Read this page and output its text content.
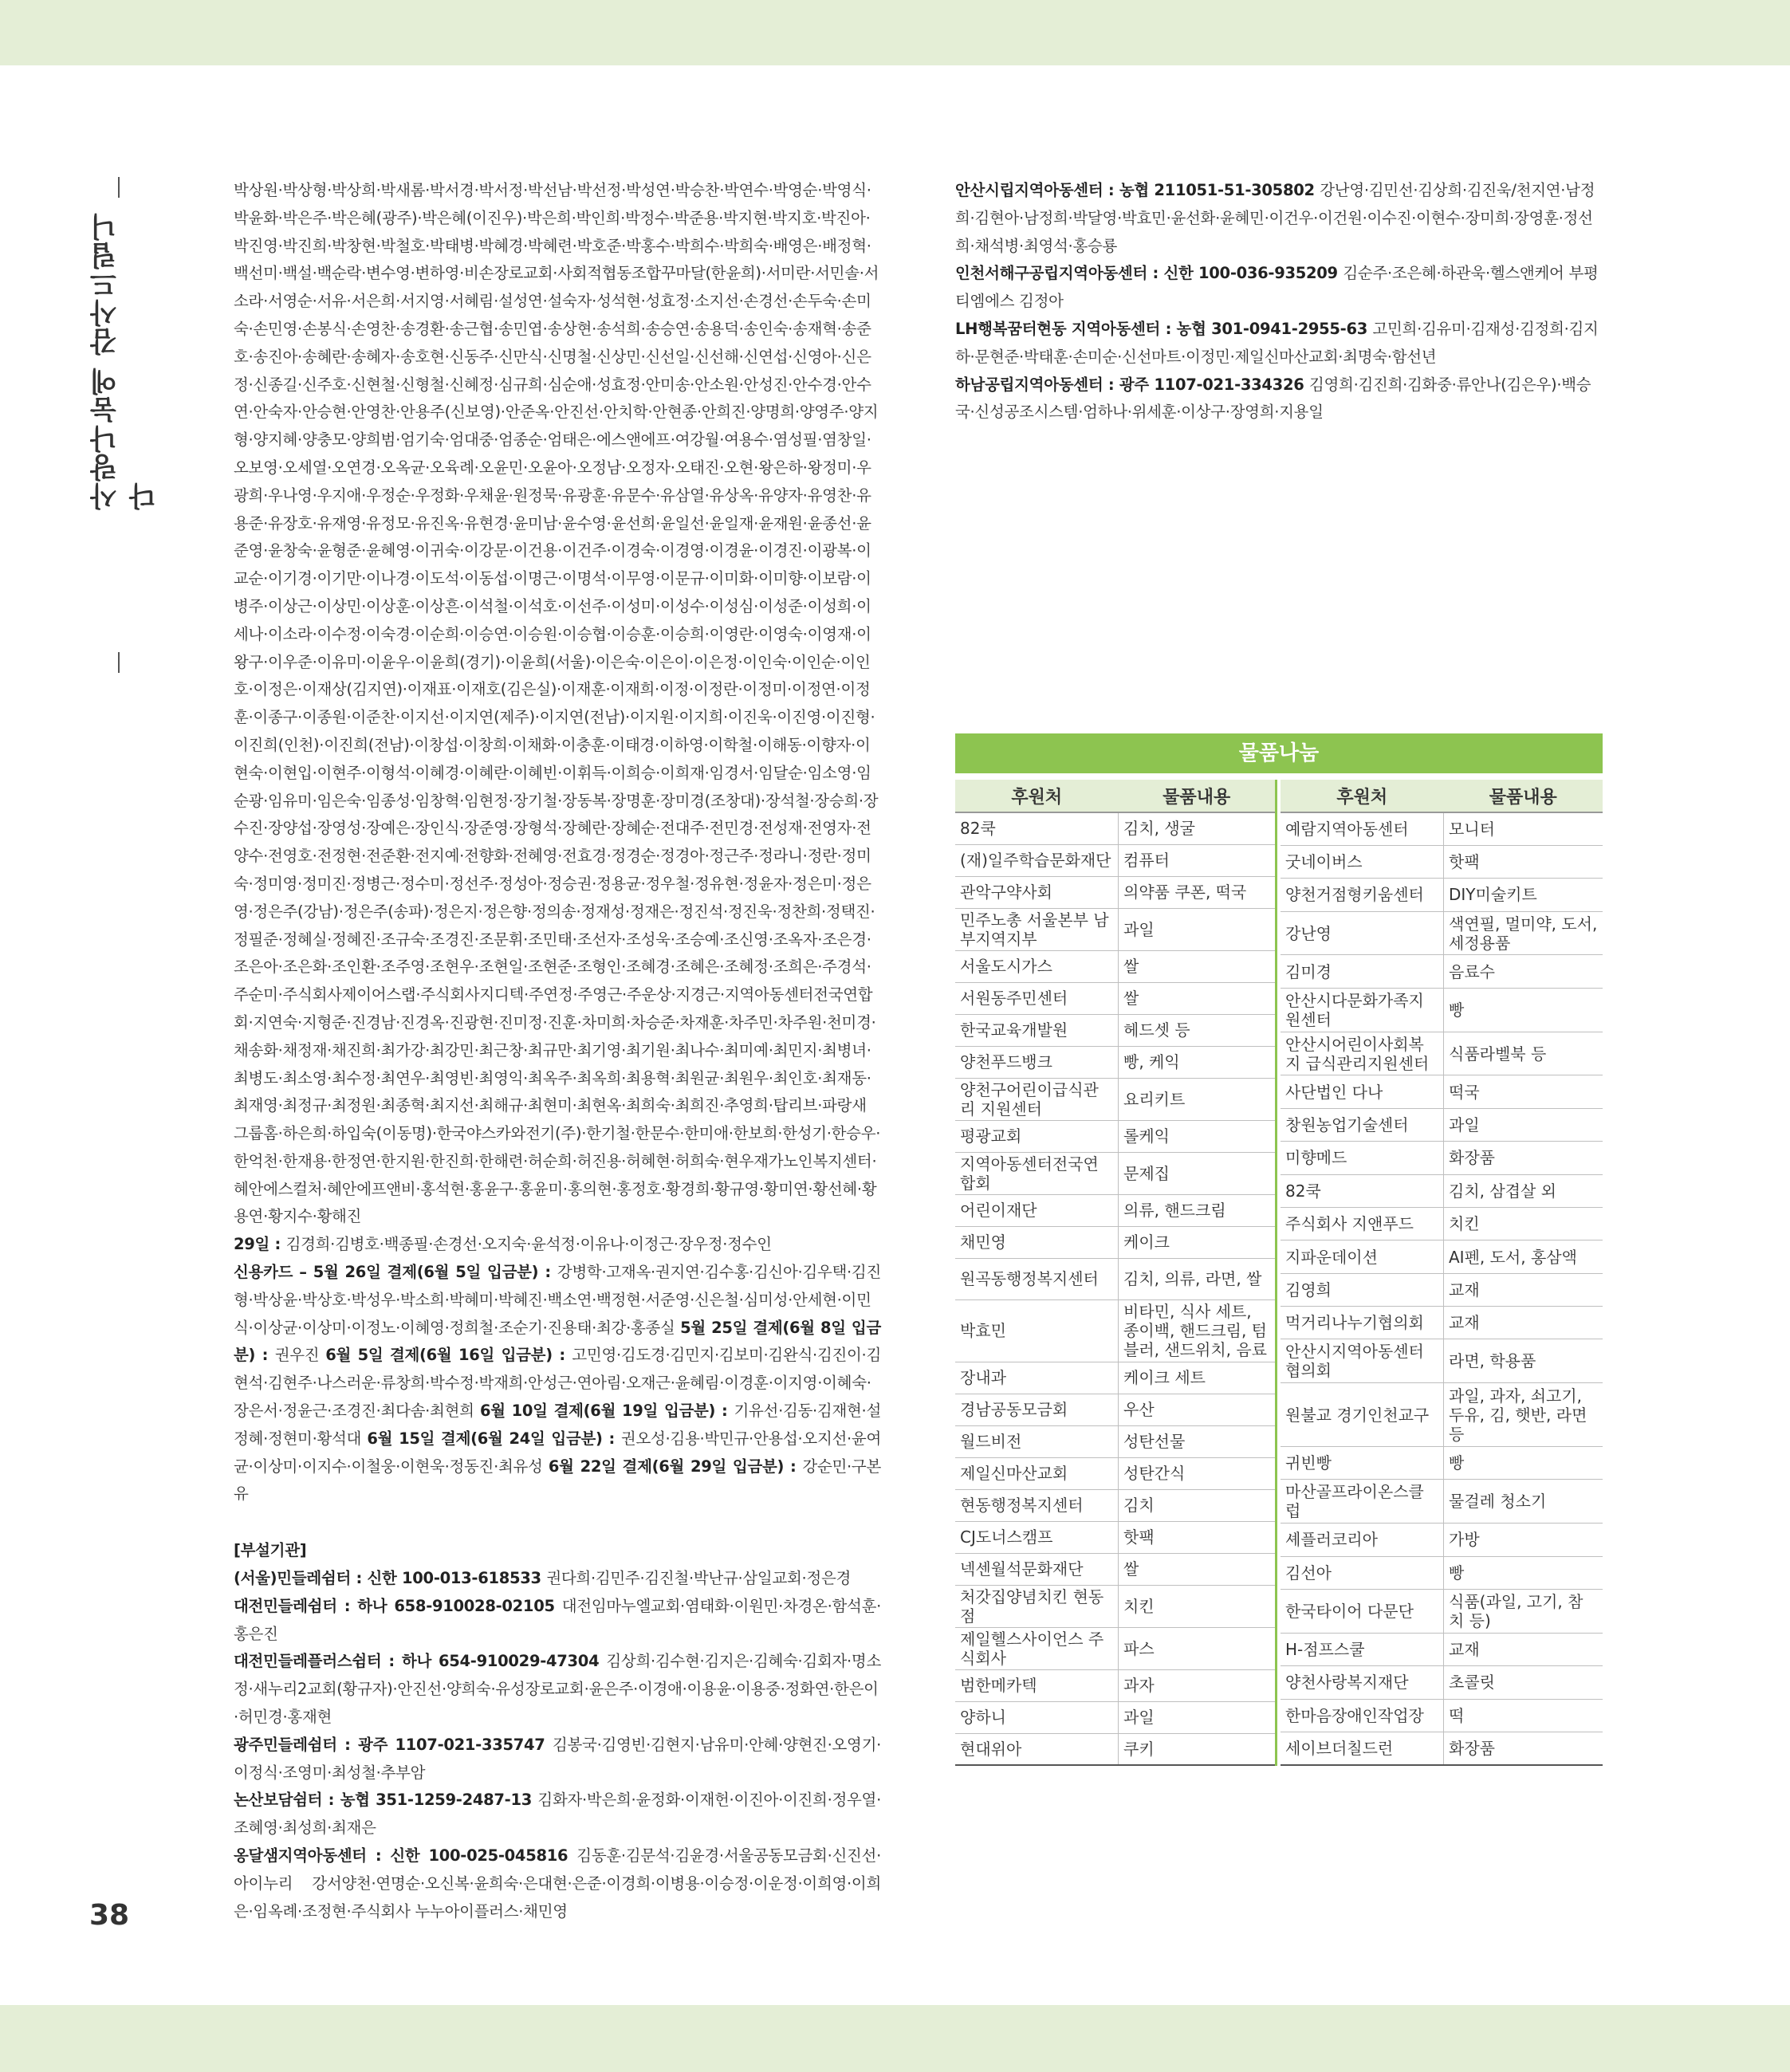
사랑나눔에 감사드립니다
38

박상원·박상형·박상희·박새롬·박서경·박서정·박선남·박선정·박성연·박승찬·박연수·박영순·박영식·박윤화·박은주·박은혜(광주)·박은혜(이진우)·박은희·박인희·박정수·박준용·박지현·박지호·박진아·박진영·박진희·박창현·박철호·박태병·박혜경·박혜련·박호준·박홍수·박희수·박희숙·배영은·배정혁·백선미·백설·백순락·변수영·변하영·비손장로교회·사회적협동조합꾸마달(한윤희)·서미란·서민솔·서소라·서영순·서유·서은희·서지영·서혜림·설성연·설숙자·성석현·성효정·소지선·손경선·손두숙·손미숙·손민영·손봉식·손영찬·송경환·송근협·송민엽·송상현·송석희·송승연·송용덕·송인숙·송재혁·송준호·송진아·송혜란·송혜자·송호현·신동주·신만식·신명철·신상민·신선일·신선해·신연섭·신영아·신은정·신종길·신주호·신현철·신형철·신혜정·심규희·심순애·성효정·안미송·안소원·안성진·안수경·안수연·안숙자·안승현·안영찬·안용주(신보영)·안준옥·안진선·안치학·안현종·안희진·양명희·양영주·양지형·양지혜·양충모·양희범·엄기숙·엄대중·엄종순·엄태은·에스앤에프·여강월·여용수·염성필·염창일·오보영·오세열·오연경·오옥균·오육례·오윤민·오윤아·오정남·오정자·오태진·오현·왕은하·왕정미·우광희·우나영·우지애·우정순·우정화·우채윤·원정묵·유광훈·유문수·유삼열·유상옥·유양자·유영찬·유용준·유장호·유재영·유정모·유진옥·유현경·윤미남·윤수영·윤선희·윤일선·윤일재·윤재원·윤종선·윤준영·윤창숙·윤형준·윤혜영·이귀숙·이강문·이건용·이건주·이경숙·이경영·이경윤·이경진·이광복·이교순·이기경·이기만·이나경·이도석·이동섭·이명근·이명석·이무영·이문규·이미화·이미향·이보람·이병주·이상근·이상민·이상훈·이상흔·이석철·이석호·이선주·이성미·이성수·이성심·이성준·이성희·이세나·이소라·이수정·이숙경·이순희·이승연·이승원·이승협·이승훈·이승희·이영란·이영숙·이영재·이왕구·이우준·이유미·이윤우·이윤희(경기)·이윤희(서울)·이은숙·이은이·이은정·이인숙·이인순·이인호·이정은·이재상(김지연)·이재표·이재호(김은실)·이재훈·이재희·이정·이정란·이정미·이정연·이정훈·이종구·이종원·이준찬·이지선·이지연(제주)·이지연(전남)·이지원·이지희·이진욱·이진영·이진형·이진희(인천)·이진희(전남)·이창섭·이창희·이채화·이충훈·이태경·이하영·이학철·이해동·이향자·이현숙·이현입·이현주·이형석·이혜경·이혜란·이혜빈·이휘득·이희승·이희재·임경서·임달순·임소영·임순광·임유미·임은숙·임종성·임창혁·임현정·장기철·장동복·장명훈·장미경(조창대)·장석철·장승희·장수진·장양섭·장영성·장예은·장인식·장준영·장형석·장혜란·장혜순·전대주·전민경·전성재·전영자·전양수·전영호·전정현·전준환·전지예·전향화·전혜영·전효경·정경순·정경아·정근주·정라니·정란·정미숙·정미영·정미진·정병근·정수미·정선주·정성아·정승권·정용균·정우철·정유현·정윤자·정은미·정은영·정은주(강남)·정은주(송파)·정은지·정은향·정의송·정재성·정재은·정진석·정진욱·정찬희·정택진·정필준·정혜실·정혜진·조규숙·조경진·조문휘·조민태·조선자·조성욱·조승예·조신영·조옥자·조은경·조은아·조은화·조인환·조주영·조현우·조현일·조현준·조형인·조혜경·조혜은·조혜정·조희은·주경석·주순미·주식회사제이어스랩·주식회사지디텍·주연정·주영근·주운상·지경근·지역아동센터전국연합회·지연숙·지형준·진경남·진경옥·진광현·진미정·진훈·차미희·차승준·차재훈·차주민·차주원·천미경·채송화·채정재·채진희·최가강·최강민·최근창·최규만·최기영·최기원·최나수·최미예·최민지·최병녀·최병도·최소영·최수정·최연우·최영빈·최영익·최옥주·최옥희·최용혁·최원균·최원우·최인호·최재동·최재영·최정규·최정원·최종혁·최지선·최해규·최현미·최현옥·최희숙·최희진·추영희·탑리브·파랑새그룹홈·하은희·하입숙(이동명)·한국야스카와전기(주)·한기철·한문수·한미애·한보희·한성기·한승우·한억천·한재용·한정연·한지원·한진희·한해련·허순희·허진용·허혜현·허희숙·현우재가노인복지센터·혜안에스컬처·혜안에프앤비·홍석현·홍윤구·홍윤미·홍의현·홍정호·황경희·황규영·황미연·황선혜·황용연·황지수·황해진

29일 : 김경희·김병호·백종필·손경선·오지숙·윤석정·이유나·이정근·장우정·정수인

신용카드 – 5월 26일 결제(6월 5일 입금분) : 강병학·고재옥·권지연·김수홍·김신아·김우택·김진형·박상윤·박상호·박성우·박소희·박혜미·박혜진·백소연·백정현·서준영·신은철·심미성·안세현·이민식·이상균·이상미·이정노·이혜영·정희철·조순기·진용태·최강·홍종실 5월 25일 결제(6월 8일 입금분) : 권우진 6월 5일 결제(6월 16일 입금분) : 고민영·김도경·김민지·김보미·김완식·김진이·김현석·김현주·나스러운·류창희·박수정·박재희·안성근·연아림·오재근·윤혜림·이경훈·이지영·이혜숙·장은서·정윤근·조경진·최다솜·최현희 6월 10일 결제(6월 19일 입금분) : 기유선·김동·김재현·설정혜·정현미·황석대 6월 15일 결제(6월 24일 입금분) : 권오성·김용·박민규·안용섭·오지선·윤여균·이상미·이지수·이철웅·이현욱·정동진·최유성 6월 22일 결제(6월 29일 입금분) : 강순민·구본유

[부설기관]

(서울)민들레쉼터 : 신한 100-013-618533 권다희·김민주·김진철·박난규·삼일교회·정은경

대전민들레쉼터 : 하나 658-910028-02105 대전임마누엘교회·염태화·이원민·차경온·함석훈·홍은진

대전민들레플러스쉼터 : 하나 654-910029-47304 김상희·김수현·김지은·김혜숙·김회자·명소정·새누리2교회(황규자)·안진선·양희숙·유성장로교회·윤은주·이경애·이용윤·이용중·정화연·한은이·허민경·홍재현

광주민들레쉼터 : 광주 1107-021-335747 김봉국·김영빈·김현지·남유미·안혜·양현진·오영기·이정식·조영미·최성철·추부암

논산보담쉼터 : 농협 351-1259-2487-13 김화자·박은희·윤정화·이재헌·이진아·이진희·정우열·조혜영·최성희·최재은

옹달샘지역아동센터 : 신한 100-025-045816 김동훈·김문석·김윤경·서울공동모금회·신진선·아이누리 강서양천·연명순·오신복·윤희숙·은대현·은준·이경희·이병용·이승정·이운정·이희영·이희은·임옥례·조정현·주식회사 누누아이플러스·채민영

안산시립지역아동센터 : 농협 211051-51-305802 강난영·김민선·김상희·김진욱/천지연·남정희·김현아·남정희·박달영·박효민·윤선화·윤혜민·이건우·이건원·이수진·이현수·장미희·장영훈·정선희·채석병·최영석·홍승룡

인천서해구공립지역아동센터 : 신한 100-036-935209 김순주·조은혜·하관욱·헬스앤케어 부평티엠에스 김정아

LH행복꿈터현동 지역아동센터 : 농협 301-0941-2955-63 고민희·김유미·김재성·김정희·김지하·문현준·박태훈·손미순·신선마트·이정민·제일신마산교회·최명숙·함선년

하남공립지역아동센터 : 광주 1107-021-334326 김영희·김진희·김화중·류안나(김은우)·백승국·신성공조시스템·엄하나·위세훈·이상구·장영희·지용일

물품나눔
후원처	물품내용
82쿡	김치, 생굴
(재)일주학습문화재단	컴퓨터
관악구약사회	의약품 쿠폰, 떡국
민주노총 서울본부 남부지역지부	과일
서울도시가스	쌀
서원동주민센터	쌀
한국교육개발원	헤드셋 등
양천푸드뱅크	빵, 케익
양천구어린이급식관리 지원센터	요리키트
평광교회	롤케익
지역아동센터전국연합회	문제집
어린이재단	의류, 핸드크림
채민영	케이크
원곡동행정복지센터	김치, 의류, 라면, 쌀
박효민	비타민, 식사 세트, 종이백, 핸드크림, 텀블러, 샌드위치, 음료
장내과	케이크 세트
경남공동모금회	우산
월드비전	성탄선물
제일신마산교회	성탄간식
현동행정복지센터	김치
CJ도너스캠프	핫팩
넥센월석문화재단	쌀
처갓집양념치킨 현동점	치킨
제일헬스사이언스 주식회사	파스
범한메카텍	과자
양하니	과일
현대위아	쿠키
후원처	물품내용
예람지역아동센터	모니터
굿네이버스	핫팩
양천거점형키움센터	DIY미술키트
강난영	색연필, 멀미약, 도서, 세정용품
김미경	음료수
안산시다문화가족지원센터	빵
안산시어린이사회복지 급식관리지원센터	식품라벨북 등
사단법인 다나	떡국
창원농업기술센터	과일
미향메드	화장품
82쿡	김치, 삼겹살 외
주식회사 지앤푸드	치킨
지파운데이션	AI펜, 도서, 홍삼액
김영희	교재
먹거리나누기협의회	교재
안산시지역아동센터 협의회	라면, 학용품
원불교 경기인천교구	과일, 과자, 쇠고기, 두유, 김, 햇반, 라면 등
귀빈빵	빵
마산골프라이온스클럽	물걸레 청소기
셰플러코리아	가방
김선아	빵
한국타이어 다문단	식품(과일, 고기, 참치 등)
H-점프스쿨	교재
양천사랑복지재단	초콜릿
한마음장애인작업장	떡
세이브더칠드런	화장품
